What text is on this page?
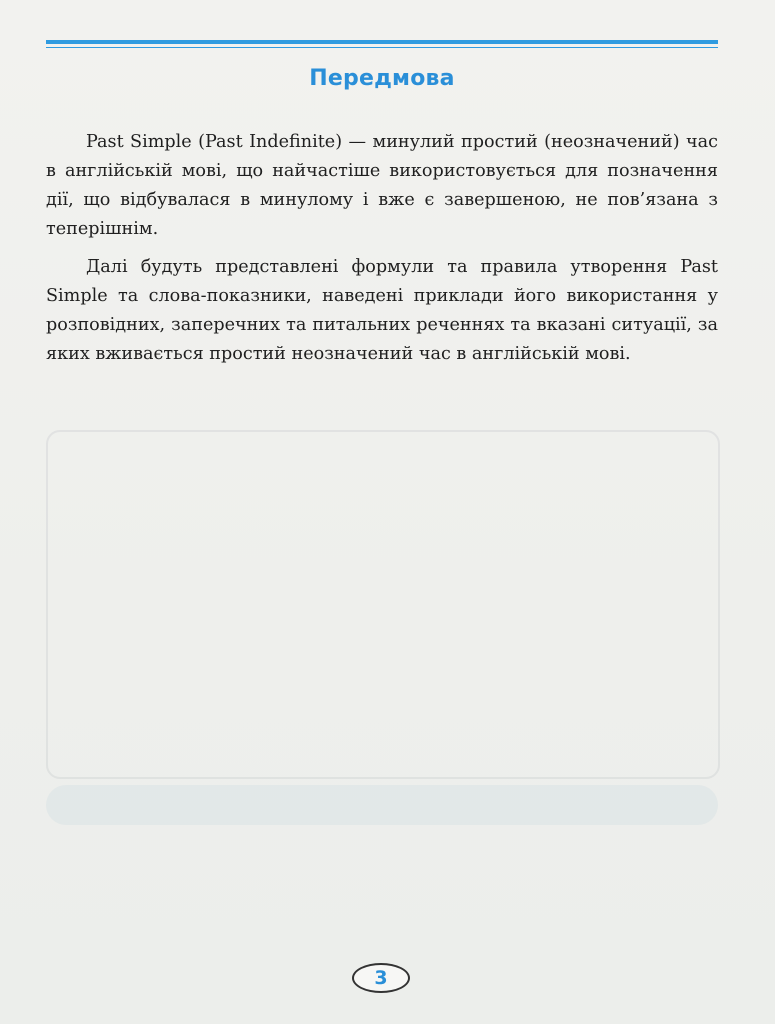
Передмова

Past Simple (Past Indefinite) — минулий простий (неозначений) час в англійській мові, що найчастіше використовується для позначення дії, що відбувалася в минулому і вже є завершеною, не пов’язана з теперішнім.

Далі будуть представлені формули та правила утворення Past Simple та слова-показники, наведені приклади його використання у розповідних, заперечних та питальних реченнях та вказані ситуації, за яких вживається простий неозначений час в англійській мові.

3
